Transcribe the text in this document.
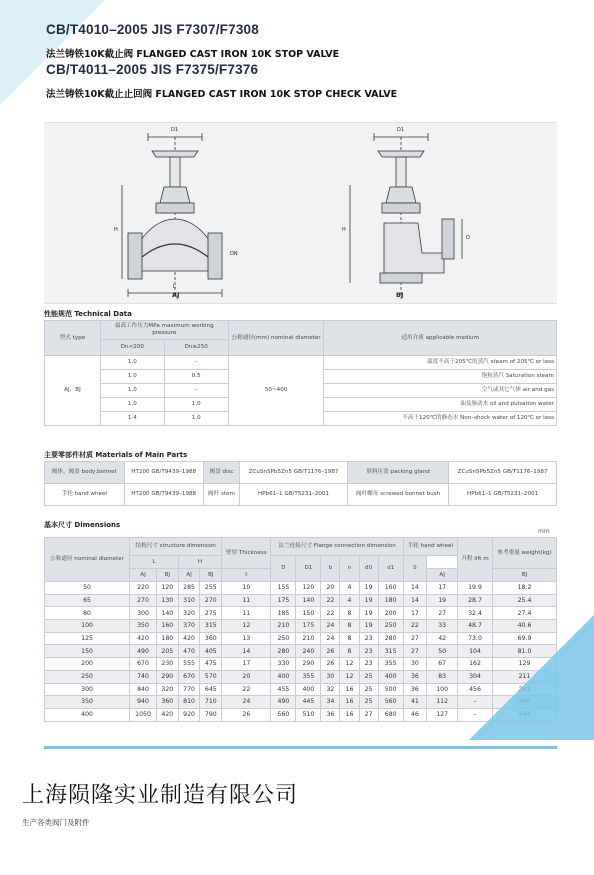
CB/T4010–2005 JIS F7307/F7308
法兰铸铁10K截止阀 FLANGED CAST IRON 10K STOP VALVE
CB/T4011–2005 JIS F7375/F7376
法兰铸铁10K截止止回阀 FLANGED CAST IRON 10K STOP CHECK VALVE
AJ	BJ
D1	D1
H	H
L
DN
D
性能规范 Technical Data
型式 type	最高工作压力MPa maximum working pressure		公称通径(mm) nominal diameter	适用介质 applicable medium
	Dn<200	Dn≥250		
AJ、BJ	1.0	–	50~400	温度不高于205℃的蒸汽 steam of 205℃ or less
	1.0	0.5		饱和蒸汽 Saturation steam
	1.0	–		空气或其它气体 air and gas
	1.0	1.0		油及脉动水 oil and pulsation water
	1.4	1.0		不高于120℃的静态水 Non–shock water of 120℃ or less
主要零部件材质 Materials of Main Parts
阀体、阀盖 body,bonnet	HT200 GB/T9439–1988	阀盘 disc	ZCuSn5Pb5Zn5 GB/T1176–1987	填料压盖 packing gland	ZCuSn5Pb5Zn5 GB/T1176–1987
手轮 hand wheel	HT200 GB/T9439–1988	阀杆 stem	HPb61–1 GB/T5231–2001	阀杆螺母 screwed bonnet bush	HPb61–1 GB/T5231–2001
基本尺寸 Dimensions
mm
公称通径 nominal diameter	结构尺寸 structure dimension				壁厚 Thickness	法兰连接尺寸 Flange connection dimension						手轮 hand wheel		升程 lift m	参考重量 weight(kg)
	L		H			D	D1	b	n	d0	d1	S			
	AJ	BJ	AJ	BJ	t								AJ		BJ
50	220	120	285	255	10	155	120	20	4	19	160	14	17	19.9	18.2
65	270	130	310	270	11	175	140	22	4	19	180	14	19	28.7	25.4
80	300	140	320	275	11	185	150	22	8	19	200	17	27	32.4	27.4
100	350	160	370	315	12	210	175	24	8	19	250	22	33	48.7	40.6
125	420	180	420	360	13	250	210	24	8	23	280	27	42	73.0	69.9
150	490	205	470	405	14	280	240	26	8	23	315	27	50	104	81.0
200	670	230	555	475	17	330	290	26	12	23	355	30	67	162	129
250	740	290	670	570	20	400	355	30	12	25	400	36	83	304	211
300	840	320	770	645	22	455	400	32	16	25	500	36	100	456	293
350	940	360	810	710	24	490	445	34	16	25	560	41	112	–	386
400	1050	420	920	790	26	560	510	36	16	27	680	46	127	–	544
上海陨隆实业制造有限公司
生产各类阀门及附件
